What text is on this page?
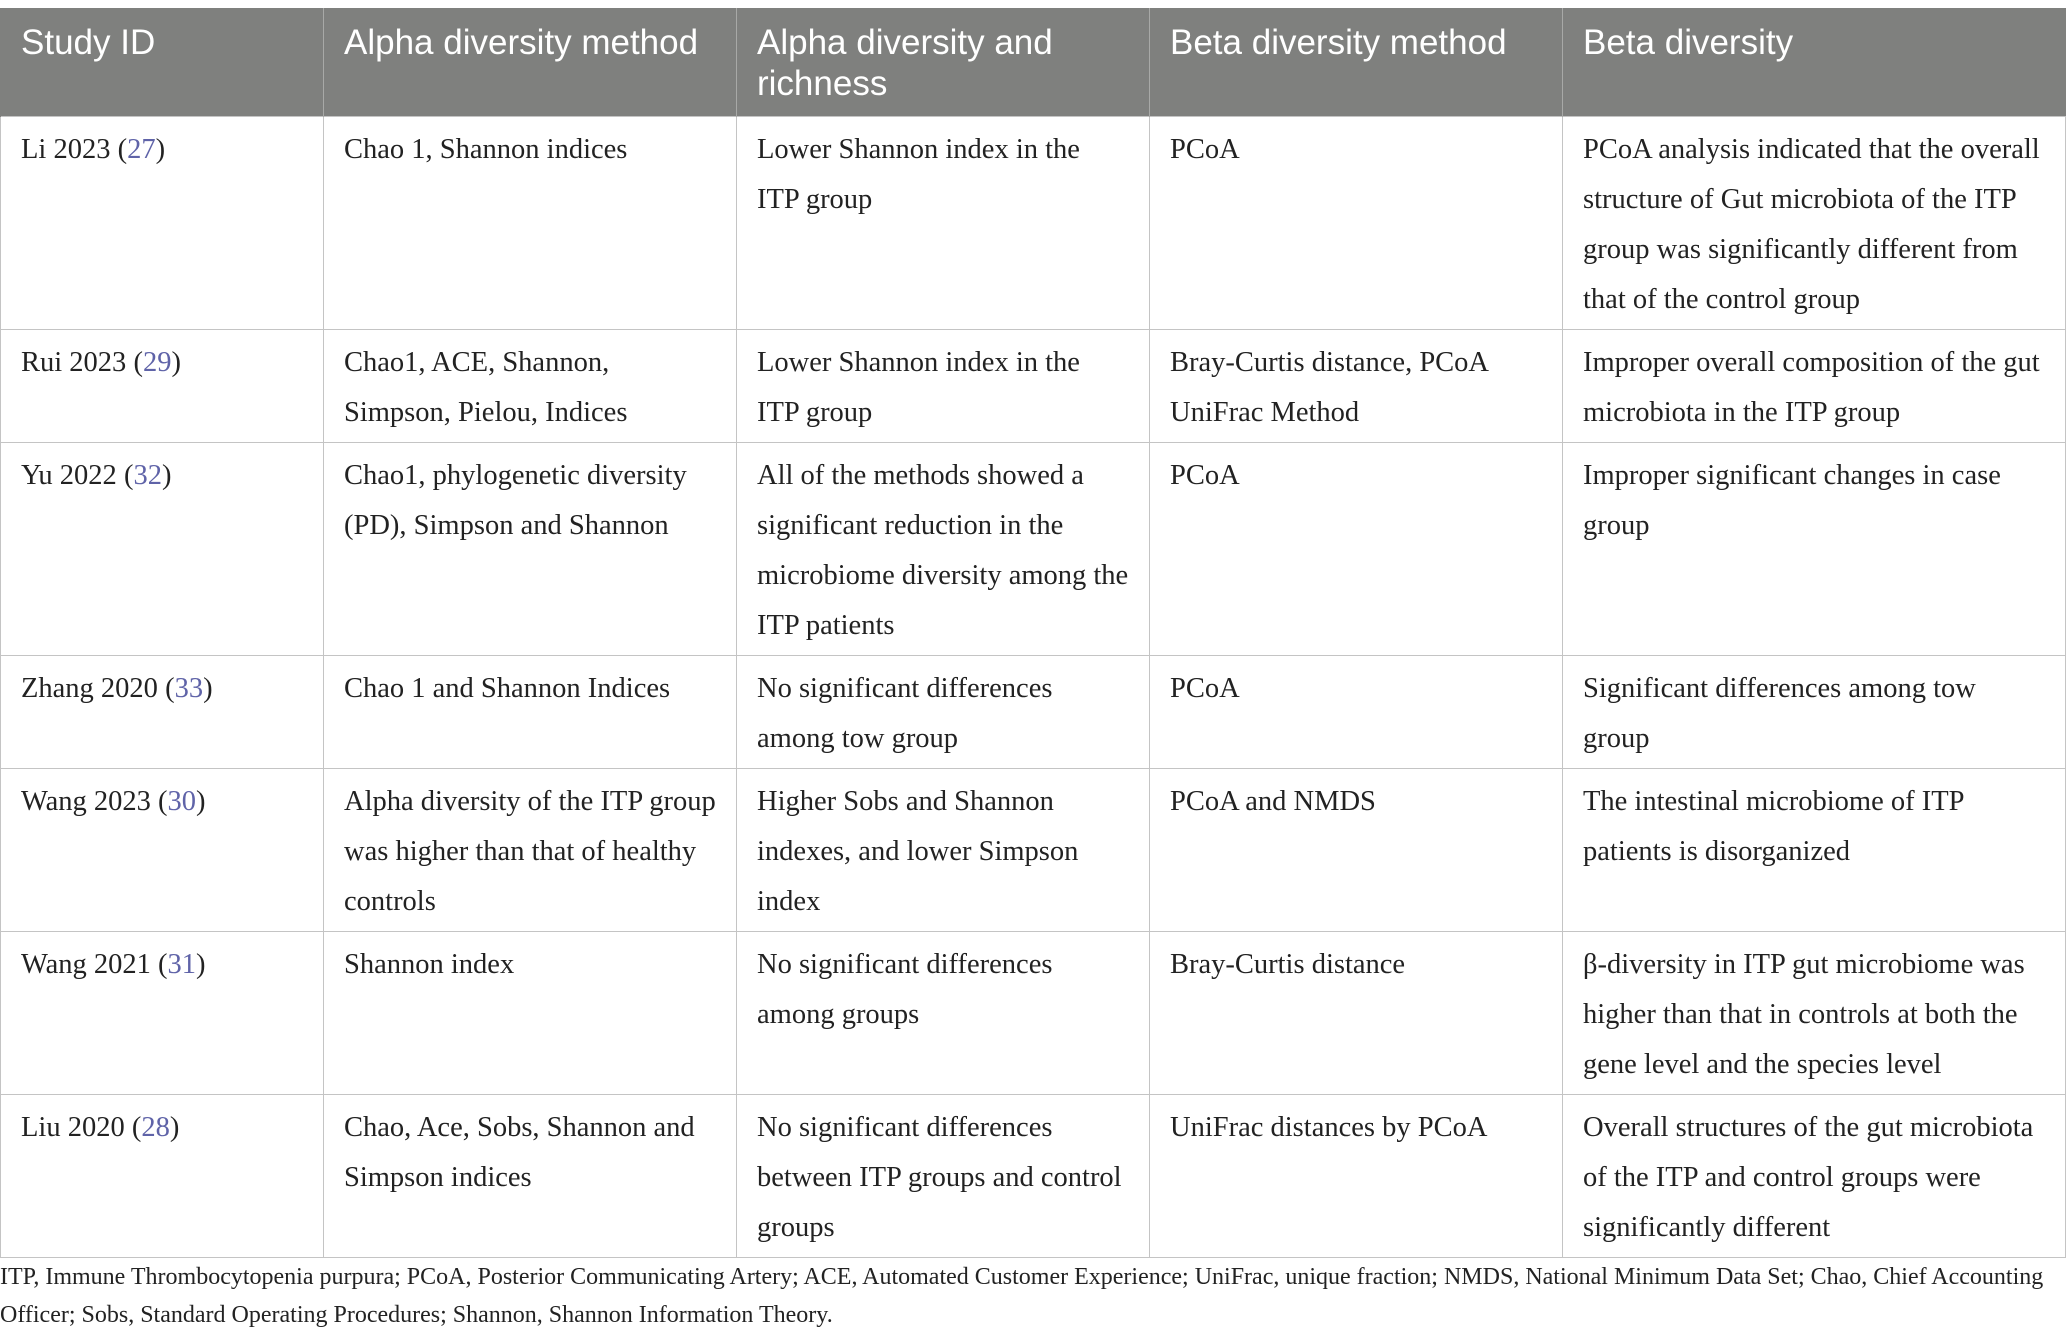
Study ID	Alpha diversity method	Alpha diversity and richness	Beta diversity method	Beta diversity
Li 2023 (27)	Chao 1, Shannon indices	Lower Shannon index in the ITP group	PCoA	PCoA analysis indicated that the overall structure of Gut microbiota of the ITP group was significantly different from that of the control group
Rui 2023 (29)	Chao1, ACE, Shannon, Simpson, Pielou, Indices	Lower Shannon index in the ITP group	Bray-Curtis distance, PCoA UniFrac Method	Improper overall composition of the gut microbiota in the ITP group
Yu 2022 (32)	Chao1, phylogenetic diversity (PD), Simpson and Shannon	All of the methods showed a significant reduction in the microbiome diversity among the ITP patients	PCoA	Improper significant changes in case group
Zhang 2020 (33)	Chao 1 and Shannon Indices	No significant differences among tow group	PCoA	Significant differences among tow group
Wang 2023 (30)	Alpha diversity of the ITP group was higher than that of healthy controls	Higher Sobs and Shannon indexes, and lower Simpson index	PCoA and NMDS	The intestinal microbiome of ITP patients is disorganized
Wang 2021 (31)	Shannon index	No significant differences among groups	Bray-Curtis distance	β-diversity in ITP gut microbiome was higher than that in controls at both the gene level and the species level
Liu 2020 (28)	Chao, Ace, Sobs, Shannon and Simpson indices	No significant differences between ITP groups and control groups	UniFrac distances by PCoA	Overall structures of the gut microbiota of the ITP and control groups were significantly different
ITP, Immune Thrombocytopenia purpura; PCoA, Posterior Communicating Artery; ACE, Automated Customer Experience; UniFrac, unique fraction; NMDS, National Minimum Data Set; Chao, Chief Accounting Officer; Sobs, Standard Operating Procedures; Shannon, Shannon Information Theory.
